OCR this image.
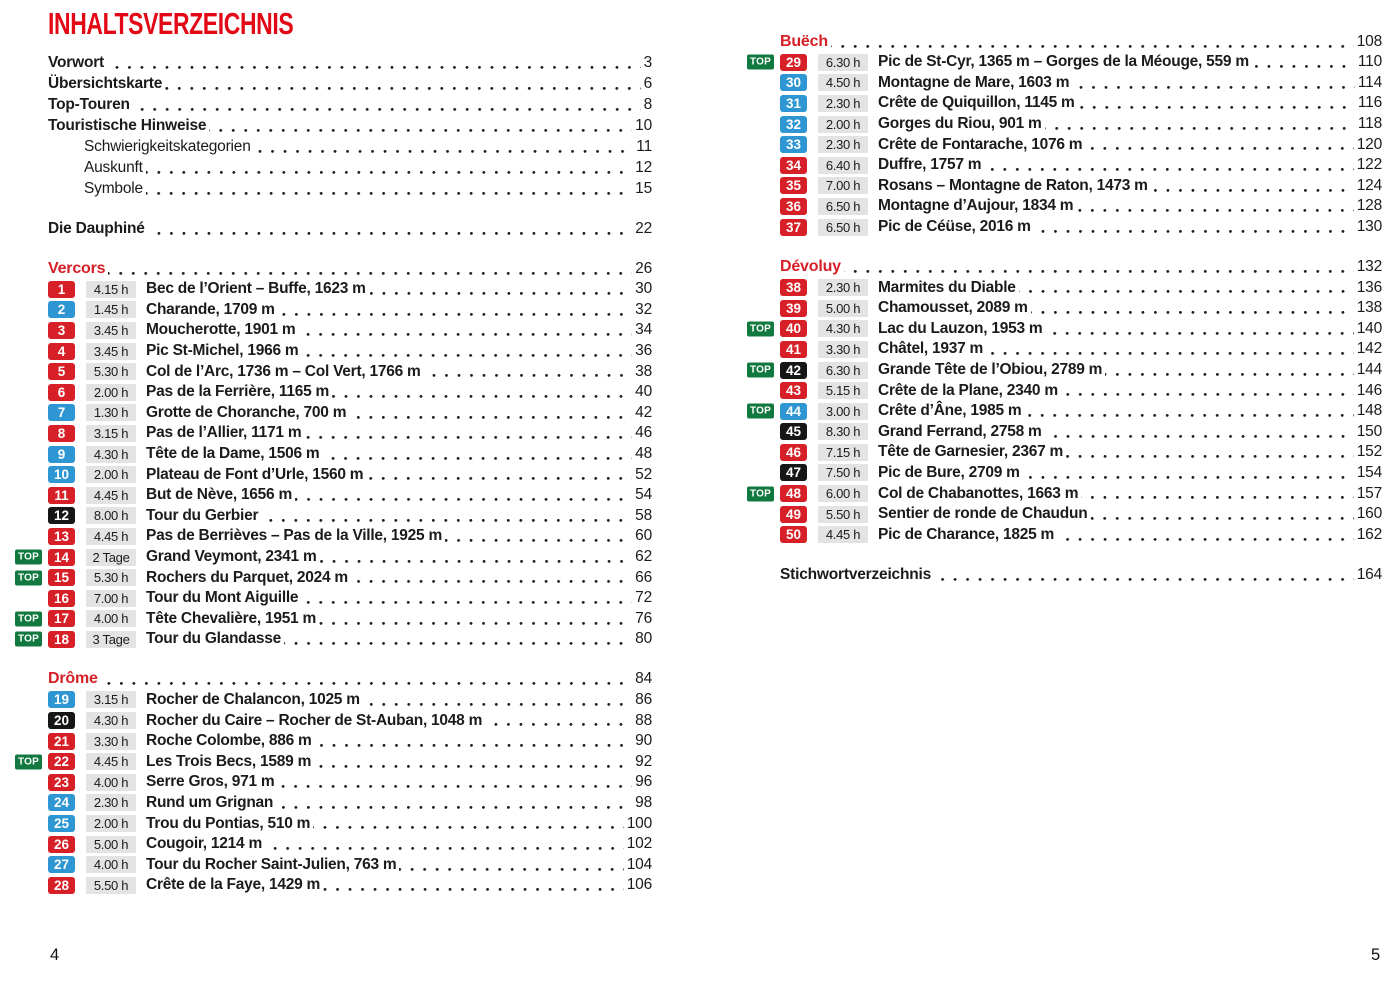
INHALTSVERZEICHNIS
Vorwort	3
Übersichtskarte	6
Top-Touren	8
Touristische Hinweise	10
Schwierigkeitskategorien	11
Auskunft	12
Symbole	15
Die Dauphiné	22
Vercors	26
1	4.15 h	Bec de l’Orient – Buffe, 1623 m	30
2	1.45 h	Charande, 1709 m	32
3	3.45 h	Moucherotte, 1901 m	34
4	3.45 h	Pic St-Michel, 1966 m	36
5	5.30 h	Col de l’Arc, 1736 m – Col Vert, 1766 m	38
6	2.00 h	Pas de la Ferrière, 1165 m	40
7	1.30 h	Grotte de Choranche, 700 m	42
8	3.15 h	Pas de l’Allier, 1171 m	46
9	4.30 h	Tête de la Dame, 1506 m	48
10	2.00 h	Plateau de Font d’Urle, 1560 m	52
11	4.45 h	But de Nève, 1656 m	54
12	8.00 h	Tour du Gerbier	58
13	4.45 h	Pas de Berrièves – Pas de la Ville, 1925 m	60
TOP	14	2 Tage	Grand Veymont, 2341 m	62
TOP	15	5.30 h	Rochers du Parquet, 2024 m	66
16	7.00 h	Tour du Mont Aiguille	72
TOP	17	4.00 h	Tête Chevalière, 1951 m	76
TOP	18	3 Tage	Tour du Glandasse	80
Drôme	84
19	3.15 h	Rocher de Chalancon, 1025 m	86
20	4.30 h	Rocher du Caire – Rocher de St-Auban, 1048 m	88
21	3.30 h	Roche Colombe, 886 m	90
TOP	22	4.45 h	Les Trois Becs, 1589 m	92
23	4.00 h	Serre Gros, 971 m	96
24	2.30 h	Rund um Grignan	98
25	2.00 h	Trou du Pontias, 510 m	100
26	5.00 h	Cougoir, 1214 m	102
27	4.00 h	Tour du Rocher Saint-Julien, 763 m	104
28	5.50 h	Crête de la Faye, 1429 m	106
Buëch	108
TOP	29	6.30 h	Pic de St-Cyr, 1365 m – Gorges de la Méouge, 559 m	110
30	4.50 h	Montagne de Mare, 1603 m	114
31	2.30 h	Crête de Quiquillon, 1145 m	116
32	2.00 h	Gorges du Riou, 901 m	118
33	2.30 h	Crête de Fontarache, 1076 m	120
34	6.40 h	Duffre, 1757 m	122
35	7.00 h	Rosans – Montagne de Raton, 1473 m	124
36	6.50 h	Montagne d’Aujour, 1834 m	128
37	6.50 h	Pic de Céüse, 2016 m	130
Dévoluy	132
38	2.30 h	Marmites du Diable	136
39	5.00 h	Chamousset, 2089 m	138
TOP	40	4.30 h	Lac du Lauzon, 1953 m	140
41	3.30 h	Châtel, 1937 m	142
TOP	42	6.30 h	Grande Tête de l’Obiou, 2789 m	144
43	5.15 h	Crête de la Plane, 2340 m	146
TOP	44	3.00 h	Crête d’Âne, 1985 m	148
45	8.30 h	Grand Ferrand, 2758 m	150
46	7.15 h	Tête de Garnesier, 2367 m	152
47	7.50 h	Pic de Bure, 2709 m	154
TOP	48	6.00 h	Col de Chabanottes, 1663 m	157
49	5.50 h	Sentier de ronde de Chaudun	160
50	4.45 h	Pic de Charance, 1825 m	162
Stichwortverzeichnis	164
4	5
